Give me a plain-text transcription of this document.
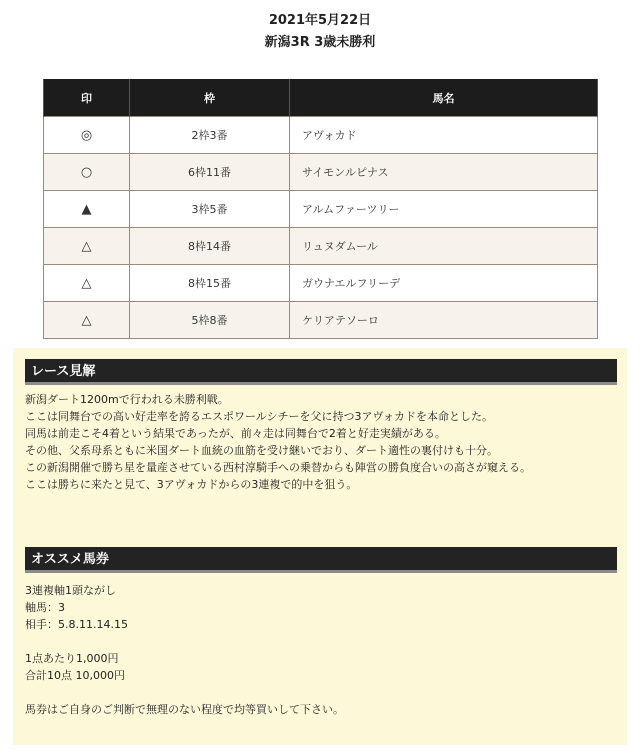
2021年5月22日
新潟3R 3歳未勝利
印	枠	馬名
◎	2枠3番	アヴォカド
○	6枠11番	サイモンルピナス
▲	3枠5番	アルムファーツリー
△	8枠14番	リュヌダムール
△	8枠15番	ガウナエルフリーデ
△	5枠8番	ケリアテソーロ
レース見解

新潟ダート1200mで行われる未勝利戦。

ここは同舞台での高い好走率を誇るエスポワールシチーを父に持つ3アヴォカドを本命とした。

同馬は前走こそ4着という結果であったが、前々走は同舞台で2着と好走実績がある。

その他、父系母系ともに米国ダート血統の血筋を受け継いでおり、ダート適性の裏付けも十分。

この新潟開催で勝ち星を量産させている西村淳騎手への乗替からも陣営の勝負度合いの高さが窺える。

ここは勝ちに来たと見て、3アヴォカドからの3連複で的中を狙う。

オススメ馬券

3連複軸1頭ながし

軸馬：3

相手：5.8.11.14.15

1点あたり1,000円

合計10点 10,000円

馬券はご自身のご判断で無理のない程度で均等買いして下さい。
